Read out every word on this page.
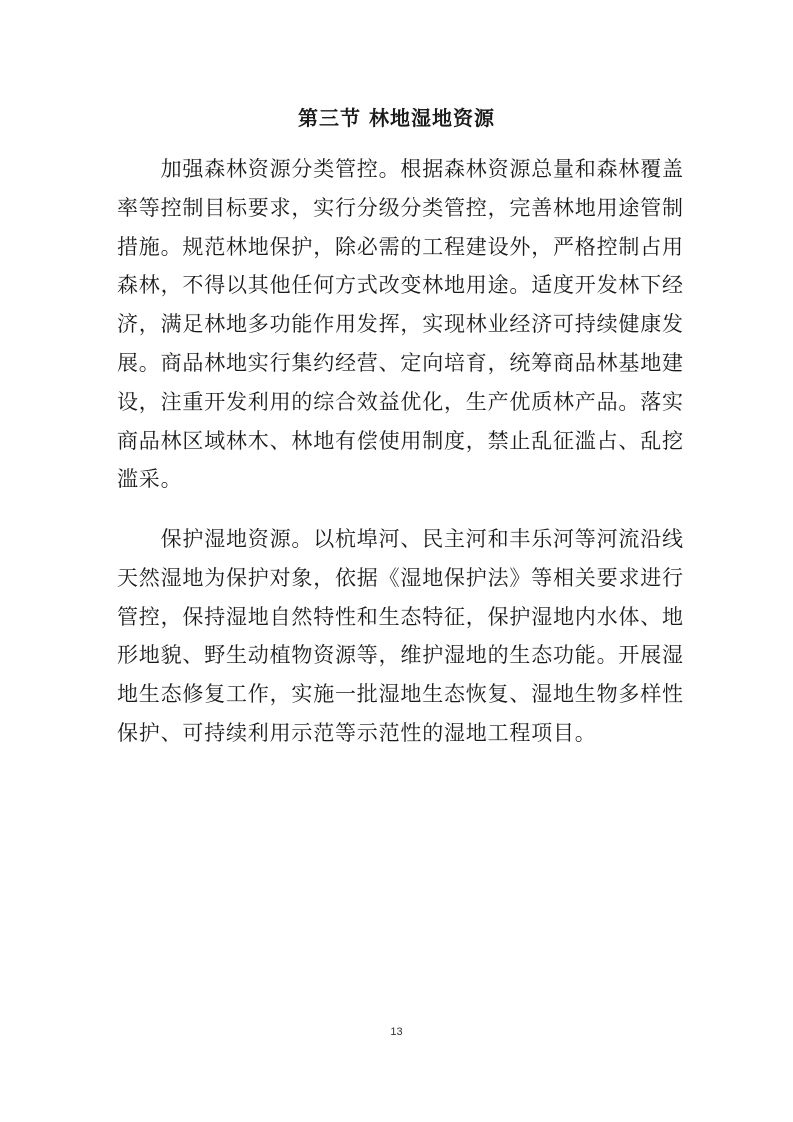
第三节 林地湿地资源
　　加强森林资源分类管控。根据森林资源总量和森林覆盖
率等控制目标要求，实行分级分类管控，完善林地用途管制
措施。规范林地保护，除必需的工程建设外，严格控制占用
森林，不得以其他任何方式改变林地用途。适度开发林下经
济，满足林地多功能作用发挥，实现林业经济可持续健康发
展。商品林地实行集约经营、定向培育，统筹商品林基地建
设，注重开发利用的综合效益优化，生产优质林产品。落实
商品林区域林木、林地有偿使用制度，禁止乱征滥占、乱挖
滥采。
　　保护湿地资源。以杭埠河、民主河和丰乐河等河流沿线
天然湿地为保护对象，依据《湿地保护法》等相关要求进行
管控，保持湿地自然特性和生态特征，保护湿地内水体、地
形地貌、野生动植物资源等，维护湿地的生态功能。开展湿
地生态修复工作，实施一批湿地生态恢复、湿地生物多样性
保护、可持续利用示范等示范性的湿地工程项目。
13
